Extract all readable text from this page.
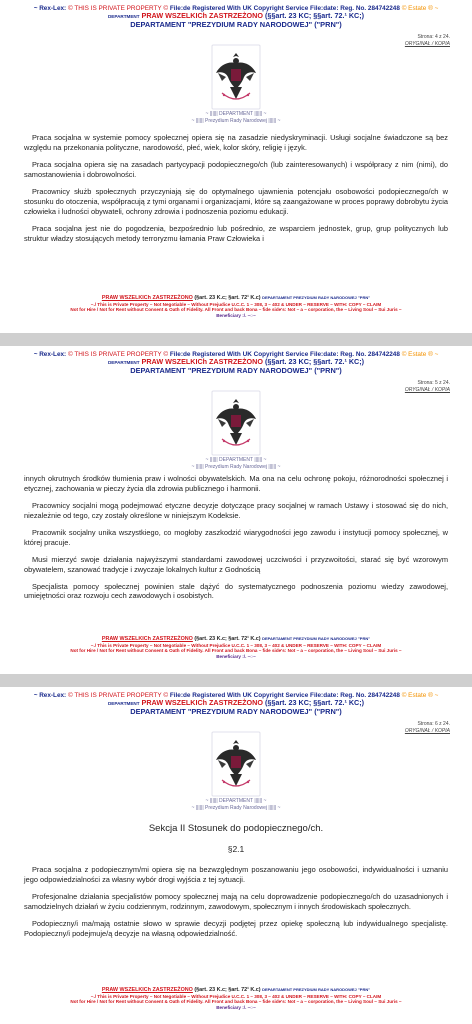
~ Rex-Lex: © THIS IS PRIVATE PROPERTY © File:de Registered With UK Copyright Service File:date: Reg. No. 284742248 © Estate ® ~
DEPARTMENT PRAW WSZELKICh ZASTRZEŻONO (§§art. 23 KC; §§art. 72.¹ KC;)
DEPARTAMENT "PREZYDIUM RADY NARODOWEJ" ("PRN")
Strona: 4 z 24.
ORYGINAŁ / KOPIA
~ |||||| DEPARTMENT |||||| ~
~ |||||| Prezydium Rady Narodowej |||||| ~

Praca socjalna w systemie pomocy społecznej opiera się na zasadzie niedyskryminacji. Usługi socjalne świadczone są bez względu na przekonania polityczne, narodowość, płeć, wiek, kolor skóry, religię i język.

Praca socjalna opiera się na zasadach partycypacji podopiecznego/ch (lub zainteresowanych) i współpracy z nim (nimi), do samostanowienia i dobrowolności.

Pracownicy służb społecznych przyczyniają się do optymalnego ujawnienia potencjału osobowości podopiecznego/ch w stosunku do otoczenia, współpracują z tymi organami i organizacjami, które są zaangażowane w proces poprawy dobrobytu życia człowieka i ludności obywateli, ochrony zdrowia i podnoszenia poziomu edukacji.

Praca socjalna jest nie do pogodzenia, bezpośrednio lub pośrednio, ze wsparciem jednostek, grup, grup politycznych lub struktur władzy stosujących metody terroryzmu łamania Praw Człowieka i

PRAW WSZELKICh ZASTRZEŻONO (§art. 23 K.c; §art. 72¹ K.c) DEPARTAMENT PREZYDIUM RADY NARODOWEJ "PRN"
~./ This is Private Property – Not Negotiable – Without Prejudice U.C.C. 1 – 308, 3 – 402 & UNDER – RESERVE – WITH: COPY – CLAIM
Not for Hire / Not for Rent without Consent & Oath of Fidelity. All Front and back Bona – fide side's: Not – a – corporation, the ~ Living Soul ~ Sui Juris ~
Beneficiary :/. ~○~
~ Rex-Lex: © THIS IS PRIVATE PROPERTY © File:de Registered With UK Copyright Service File:date: Reg. No. 284742248 © Estate ® ~
DEPARTMENT PRAW WSZELKICh ZASTRZEŻONO (§§art. 23 KC; §§art. 72.¹ KC;)
DEPARTAMENT "PREZYDIUM RADY NARODOWEJ" ("PRN")
Strona: 5 z 24.
ORYGINAŁ / KOPIA
~ |||||| DEPARTMENT |||||| ~
~ |||||| Prezydium Rady Narodowej |||||| ~

innych okrutnych środków tłumienia praw i wolności obywatelskich. Ma ona na celu ochronę pokoju, różnorodności społecznej i etycznej, zachowania w pieczy życia dla zdrowia publicznego i harmonii.

Pracownicy socjalni mogą podejmować etyczne decyzje dotyczące pracy socjalnej w ramach Ustawy i stosować się do nich, niezależnie od tego, czy zostały określone w niniejszym Kodeksie.

Pracownik socjalny unika wszystkiego, co mogłoby zaszkodzić wiarygodności jego zawodu i instytucji pomocy społecznej, w której pracuje.

Musi mierzyć swoje działania najwyższymi standardami zawodowej uczciwości i przyzwoitości, starać się być wzorowym obywatelem, szanować tradycje i zwyczaje lokalnych kultur z Godnością

Specjalista pomocy społecznej powinien stale dążyć do systematycznego podnoszenia poziomu wiedzy zawodowej, umiejętności oraz rozwoju cech zawodowych i osobistych.

PRAW WSZELKICh ZASTRZEŻONO (§art. 23 K.c; §art. 72¹ K.c) DEPARTAMENT PREZYDIUM RADY NARODOWEJ "PRN"
~./ This is Private Property – Not Negotiable – Without Prejudice U.C.C. 1 – 308, 3 – 402 & UNDER – RESERVE – WITH: COPY – CLAIM
Not for Hire / Not for Rent without Consent & Oath of Fidelity. All Front and back Bona – fide side's: Not – a – corporation, the ~ Living Soul ~ Sui Juris ~
Beneficiary :/. ~○~
~ Rex-Lex: © THIS IS PRIVATE PROPERTY © File:de Registered With UK Copyright Service File:date: Reg. No. 284742248 © Estate ® ~
DEPARTMENT PRAW WSZELKICh ZASTRZEŻONO (§§art. 23 KC; §§art. 72.¹ KC;)
DEPARTAMENT "PREZYDIUM RADY NARODOWEJ" ("PRN")
Strona: 6 z 24.
ORYGINAŁ / KOPIA
~ |||||| DEPARTMENT |||||| ~
~ |||||| Prezydium Rady Narodowej |||||| ~
Sekcja II Stosunek do podopiecznego/ch.
§2.1

Praca socjalna z podopiecznym/mi opiera się na bezwzględnym poszanowaniu jego osobowości, indywidualności i uznaniu jego odpowiedzialności za własny wybór drogi wyjścia z tej sytuacji.

Profesjonalne działania specjalistów pomocy społecznej mają na celu doprowadzenie podopiecznego/ch do uzasadnionych i samodzielnych działań w życiu codziennym, rodzinnym, zawodowym, społecznym i innych środowiskach społecznych.

Podopieczny/i ma/mają ostatnie słowo w sprawie decyzji podjętej przez opiekę społeczną lub indywidualnego specjalistę. Podopieczny/i podejmuje/ą decyzje na własną odpowiedzialność.

PRAW WSZELKICh ZASTRZEŻONO (§art. 23 K.c; §art. 72¹ K.c) DEPARTAMENT PREZYDIUM RADY NARODOWEJ "PRN"
~./ This is Private Property – Not Negotiable – Without Prejudice U.C.C. 1 – 308, 3 – 402 & UNDER – RESERVE – WITH: COPY – CLAIM
Not for Hire / Not for Rent without Consent & Oath of Fidelity. All Front and back Bona – fide side's: Not – a – corporation, the ~ Living Soul ~ Sui Juris ~
Beneficiary :/. ~○~
